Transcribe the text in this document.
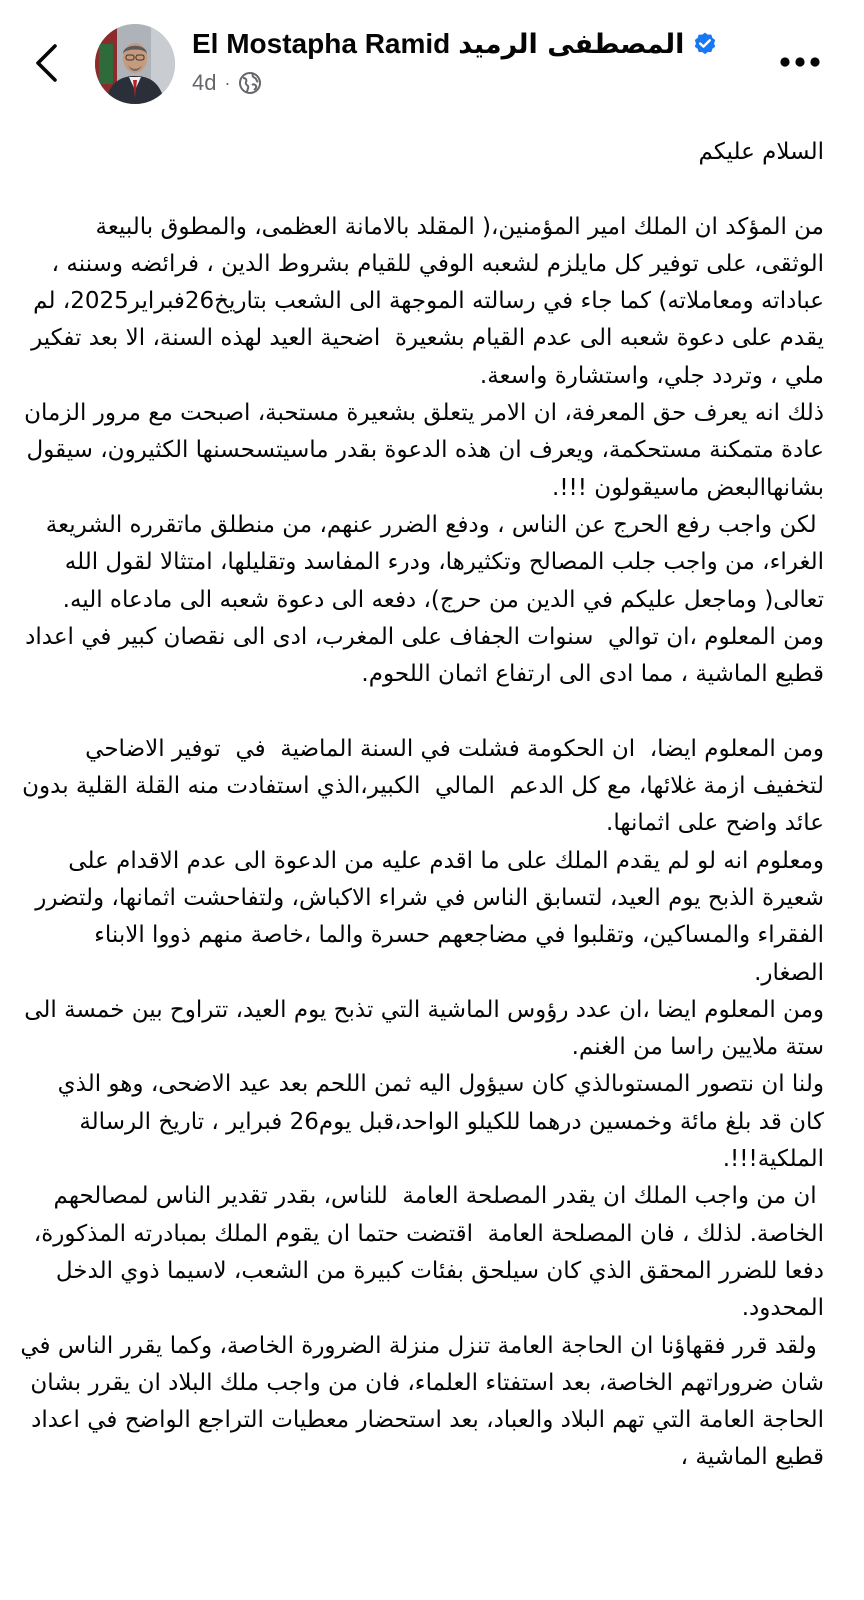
El Mostapha Ramid المصطفى الرميد
4d ·

السلام عليكم

من المؤكد ان الملك امير المؤمنين،( المقلد بالامانة العظمى، والمطوق بالبيعة الوثقى، على توفير كل مايلزم لشعبه الوفي للقيام بشروط الدين ، فرائضه وسننه ، عباداته ومعاملاته) كما جاء في رسالته الموجهة الى الشعب بتاريخ26فبراير2025، لم يقدم على دعوة شعبه الى عدم القيام بشعيرة  اضحية العيد لهذه السنة، الا بعد تفكير ملي ، وتردد جلي، واستشارة واسعة.

ذلك انه يعرف حق المعرفة، ان الامر يتعلق بشعيرة مستحبة، اصبحت مع مرور الزمان عادة متمكنة مستحكمة، ويعرف ان هذه الدعوة بقدر ماسيتسحسنها الكثيرون، سيقول بشانهاالبعض ماسيقولون !!!.

لكن واجب رفع الحرج عن الناس ، ودفع الضرر عنهم، من منطلق ماتقرره الشريعة الغراء، من واجب جلب المصالح وتكثيرها، ودرء المفاسد وتقليلها، امتثالا لقول الله تعالى( وماجعل عليكم في الدين من حرج)، دفعه الى دعوة شعبه الى مادعاه اليه.

ومن المعلوم ،ان توالي  سنوات الجفاف على المغرب، ادى الى نقصان كبير في اعداد قطيع الماشية ، مما ادى الى ارتفاع اثمان اللحوم.

ومن المعلوم ايضا،  ان الحكومة فشلت في السنة الماضية  في  توفير الاضاحي لتخفيف ازمة غلائها، مع كل الدعم  المالي  الكبير،الذي استفادت منه القلة القلية بدون عائد واضح على اثمانها.

ومعلوم انه لو لم يقدم الملك على ما اقدم عليه من الدعوة الى عدم الاقدام على شعيرة الذبح يوم العيد، لتسابق الناس في شراء الاكباش، ولتفاحشت اثمانها، ولتضرر الفقراء والمساكين، وتقلبوا في مضاجعهم حسرة والما ،خاصة منهم ذووا الابناء الصغار.

ومن المعلوم ايضا ،ان عدد رؤوس الماشية التي تذبح يوم العيد، تتراوح بين خمسة الى ستة ملايين راسا من الغنم.

ولنا ان نتصور المستوىالذي كان سيؤول اليه ثمن اللحم بعد عيد الاضحى، وهو الذي كان قد بلغ مائة وخمسين درهما للكيلو الواحد،قبل يوم26 فبراير ، تاريخ الرسالة الملكية!!!.

ان من واجب الملك ان يقدر المصلحة العامة  للناس، بقدر تقدير الناس لمصالحهم الخاصة. لذلك ، فان المصلحة العامة  اقتضت حتما ان يقوم الملك بمبادرته المذكورة، دفعا للضرر المحقق الذي كان سيلحق بفئات كبيرة من الشعب، لاسيما ذوي الدخل المحدود.

ولقد قرر فقهاؤنا ان الحاجة العامة تنزل منزلة الضرورة الخاصة، وكما يقرر الناس في شان ضروراتهم الخاصة، بعد استفتاء العلماء، فان من واجب ملك البلاد ان يقرر بشان الحاجة العامة التي تهم البلاد والعباد، بعد استحضار معطيات التراجع الواضح في اعداد قطيع الماشية ،
